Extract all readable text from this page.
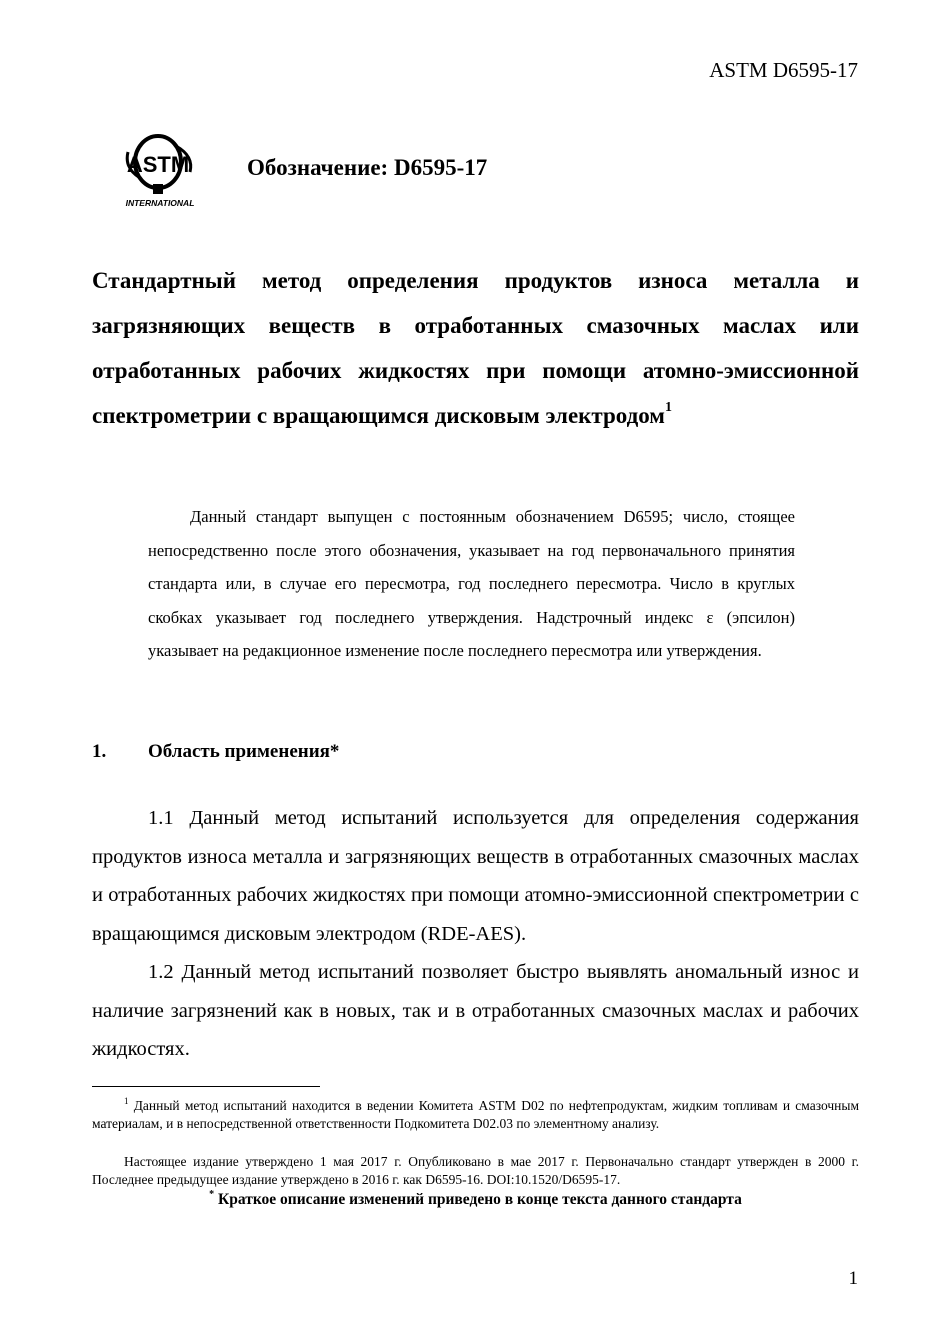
ASTM D6595-17
ASTM
INTERNATIONAL
Обозначение: D6595-17
Стандартный метод определения продуктов износа металла и загрязняющих веществ в отработанных смазочных маслах или отработанных рабочих жидкостях при помощи атомно-эмиссионной спектрометрии с вращающимся дисковым электродом$^1$
Данный стандарт выпущен с постоянным обозначением D6595; число, стоящее непосредственно после этого обозначения, указывает на год первоначального принятия стандарта или, в случае его пересмотра, год последнего пересмотра. Число в круглых скобках указывает год последнего утверждения. Надстрочный индекс ε (эпсилон) указывает на редакционное изменение после последнего пересмотра или утверждения.
1. Область применения*
1.1 Данный метод испытаний используется для определения содержания продуктов износа металла и загрязняющих веществ в отработанных смазочных маслах и отработанных рабочих жидкостях при помощи атомно-эмиссионной спектрометрии с вращающимся дисковым электродом (RDE-AES).
1.2 Данный метод испытаний позволяет быстро выявлять аномальный износ и наличие загрязнений как в новых, так и в отработанных смазочных маслах и рабочих жидкостях.
$^1$ Данный метод испытаний находится в ведении Комитета ASTM D02 по нефтепродуктам, жидким топливам и смазочным материалам, и в непосредственной ответственности Подкомитета D02.03 по элементному анализу.
Настоящее издание утверждено 1 мая 2017 г. Опубликовано в мае 2017 г. Первоначально стандарт утвержден в 2000 г. Последнее предыдущее издание утверждено в 2016 г. как D6595-16. DOI:10.1520/D6595-17.
* Краткое описание изменений приведено в конце текста данного стандарта
1
